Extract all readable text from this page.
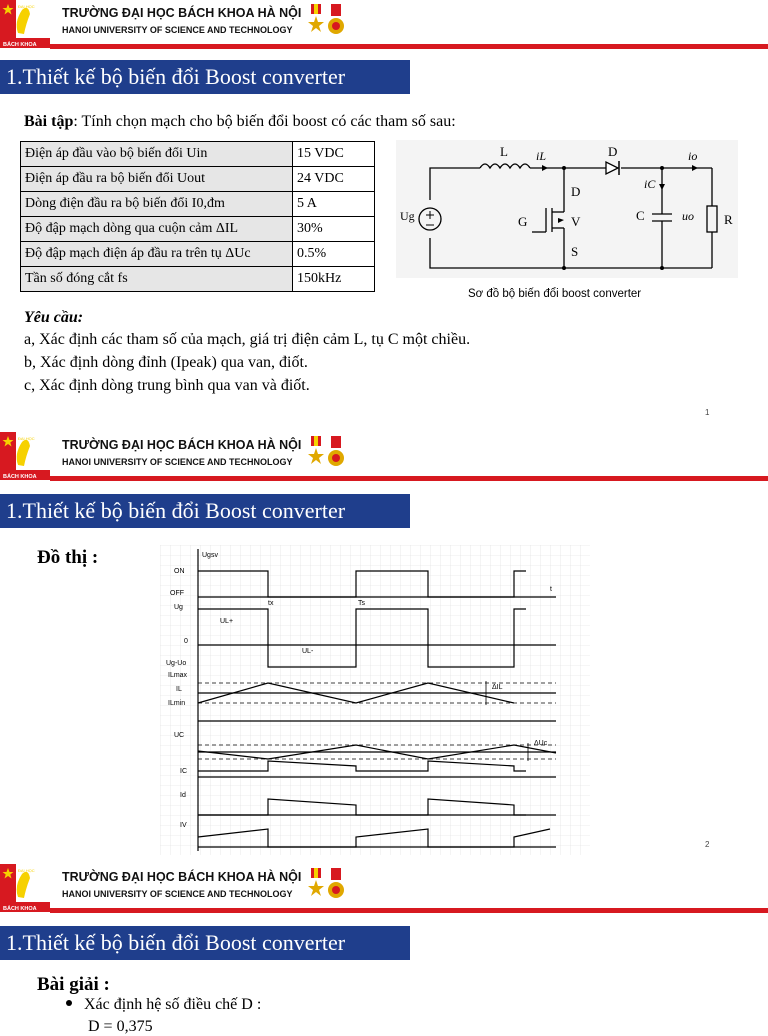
ĐẠI HỌC
BÁCH KHOA
TRƯỜNG ĐẠI HỌC BÁCH KHOA HÀ NỘI
HANOI UNIVERSITY OF SCIENCE AND TECHNOLOGY
1.Thiết kế bộ biến đổi Boost converter
Bài tập: Tính chọn mạch cho bộ biến đổi boost có các tham số sau:
Điện áp đầu vào bộ biến đổi Uin	15 VDC
Điện áp đầu ra bộ biến đổi Uout	24 VDC
Dòng điện đầu ra bộ biến đổi I0,đm	5 A
Độ đập mạch dòng qua cuộn cảm ΔIL	30%
Độ đập mạch điện áp đầu ra trên tụ ΔUc	0.5%
Tần số đóng cắt fs	150kHz
L iL	D	io
iC
D
G	V
S
C	uo R
Ug
Sơ đồ bộ biến đổi boost converter
Yêu cầu:
a, Xác định các tham số của mạch, giá trị điện cảm L, tụ C một chiều.
b, Xác định dòng đỉnh (Ipeak) qua van, điốt.
c, Xác định dòng trung bình qua van và điốt.
1
ĐẠI HỌC
BÁCH KHOA
TRƯỜNG ĐẠI HỌC BÁCH KHOA HÀ NỘI
HANOI UNIVERSITY OF SCIENCE AND TECHNOLOGY
1.Thiết kế bộ biến đổi Boost converter
2
Đồ thị :	Ugsv
ON
OFF
Ug
0
UL+
UL-
Ug-Uo
ILmax
IL
ILmin
ΔIL
UC
ΔUc
IC
Id
IV
tx	Ts
t
ĐẠI HỌC
BÁCH KHOA
TRƯỜNG ĐẠI HỌC BÁCH KHOA HÀ NỘI
HANOI UNIVERSITY OF SCIENCE AND TECHNOLOGY
1.Thiết kế bộ biến đổi Boost converter
Bài giải :
Xác định hệ số điều chế D :
D = 0,375
